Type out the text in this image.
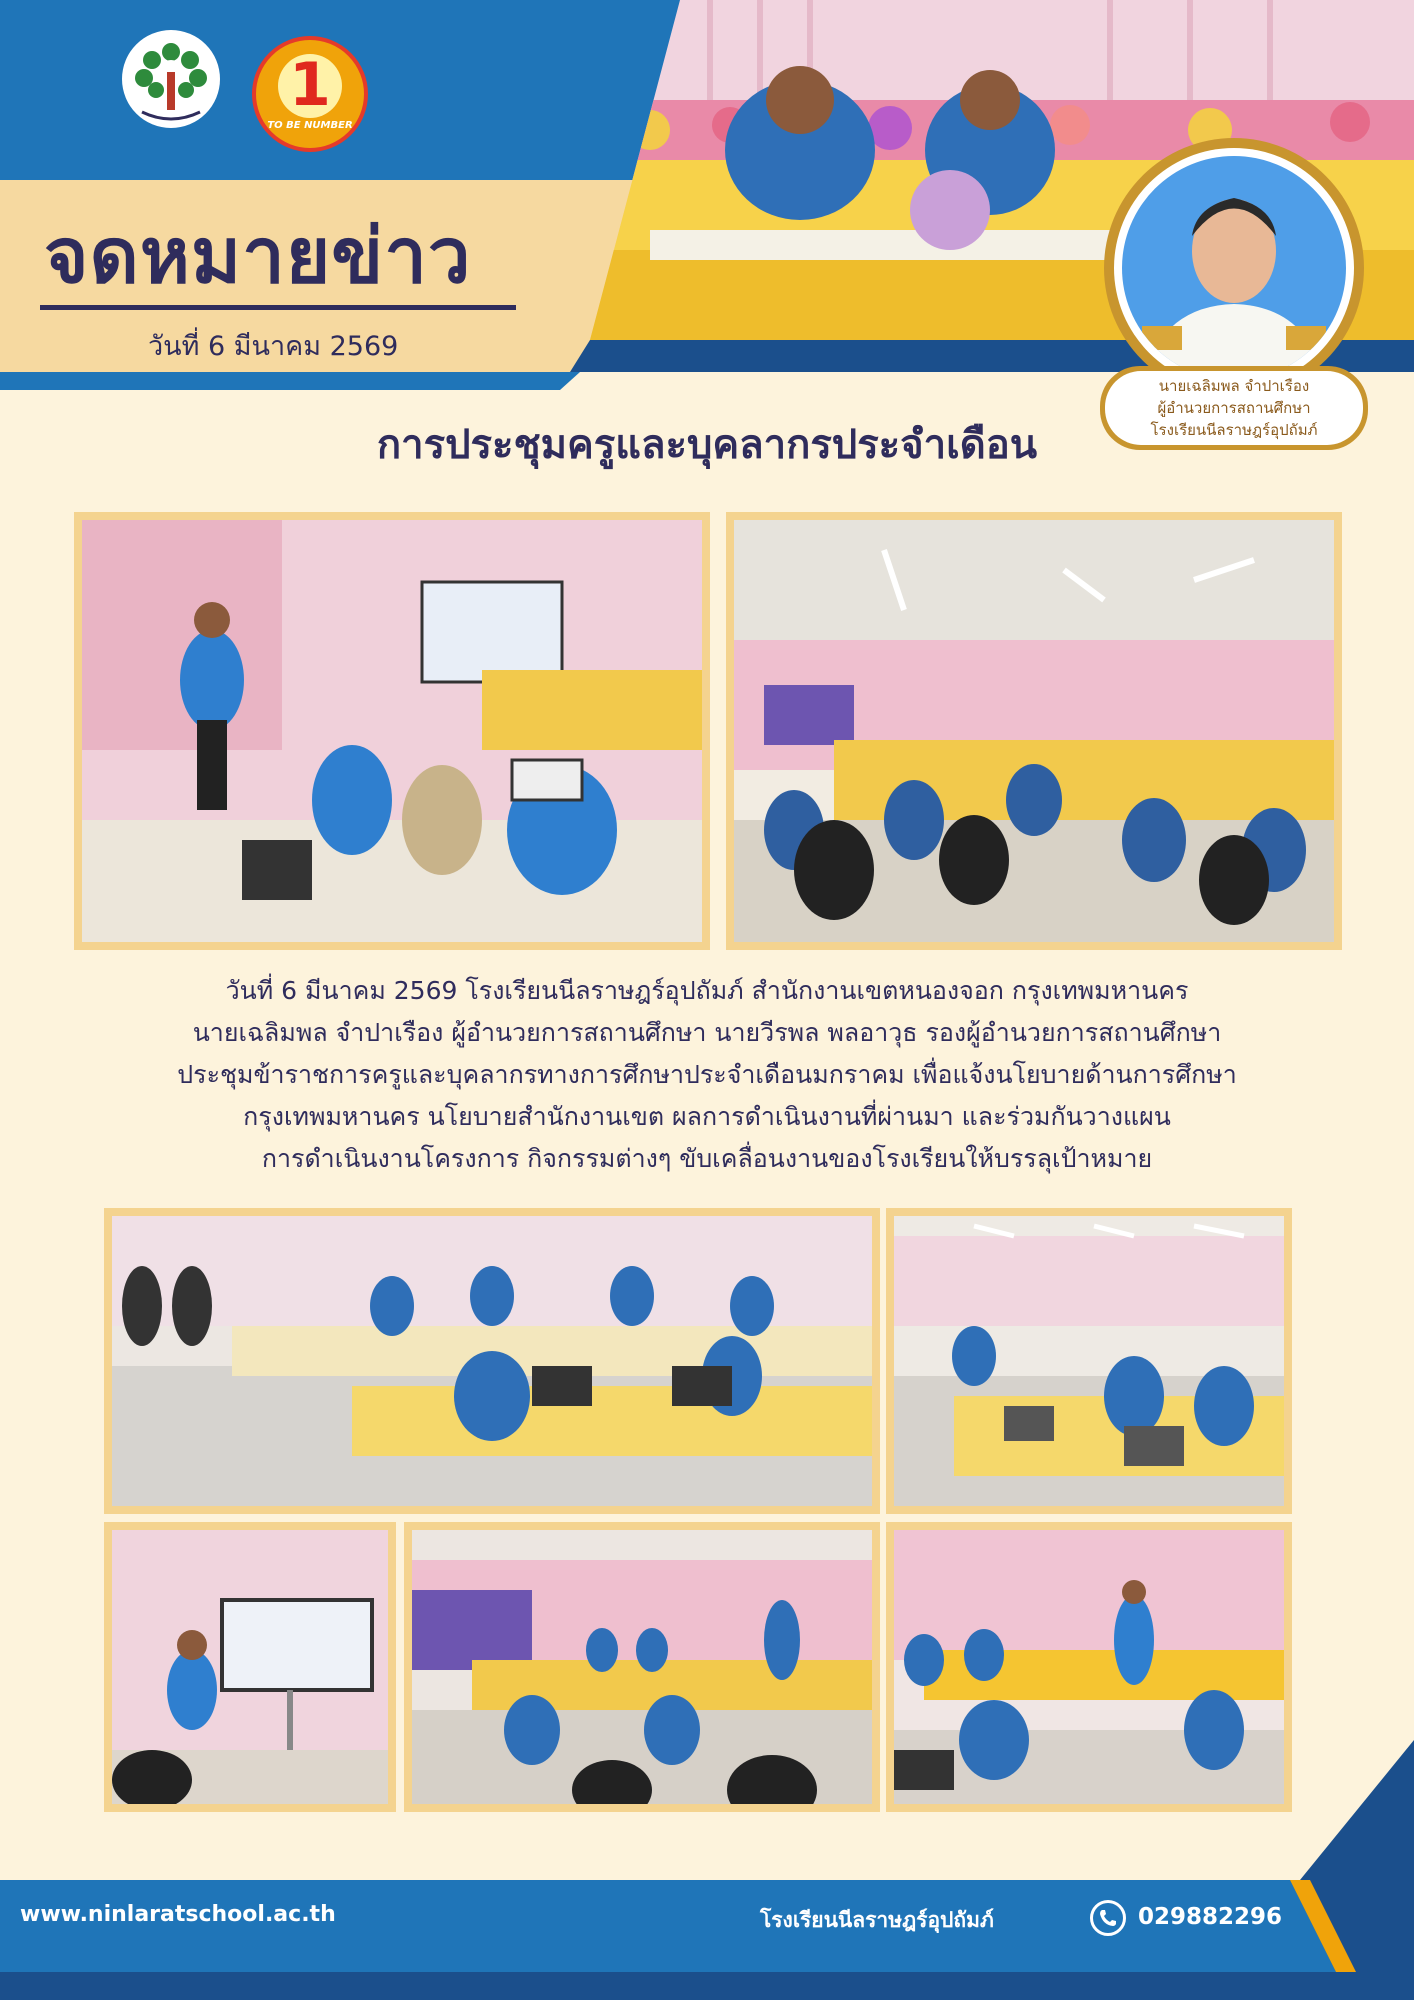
1
TO BE NUMBER
จดหมายข่าว
วันที่ 6 มีนาคม 2569
นายเฉลิมพล จำปาเรือง
ผู้อำนวยการสถานศึกษา
โรงเรียนนีลราษฎร์อุปถัมภ์
การประชุมครูและบุคลากรประจำเดือน
วันที่ 6 มีนาคม 2569 โรงเรียนนีลราษฎร์อุปถัมภ์ สำนักงานเขตหนองจอก กรุงเทพมหานคร
นายเฉลิมพล จำปาเรือง ผู้อำนวยการสถานศึกษา นายวีรพล พลอาวุธ รองผู้อำนวยการสถานศึกษา
ประชุมข้าราชการครูและบุคลากรทางการศึกษาประจำเดือนมกราคม เพื่อแจ้งนโยบายด้านการศึกษา
กรุงเทพมหานคร นโยบายสำนักงานเขต ผลการดำเนินงานที่ผ่านมา และร่วมกันวางแผน
การดำเนินงานโครงการ กิจกรรมต่างๆ ขับเคลื่อนงานของโรงเรียนให้บรรลุเป้าหมาย
www.ninlaratschool.ac.th	โรงเรียนนีลราษฎร์อุปถัมภ์	029882296
